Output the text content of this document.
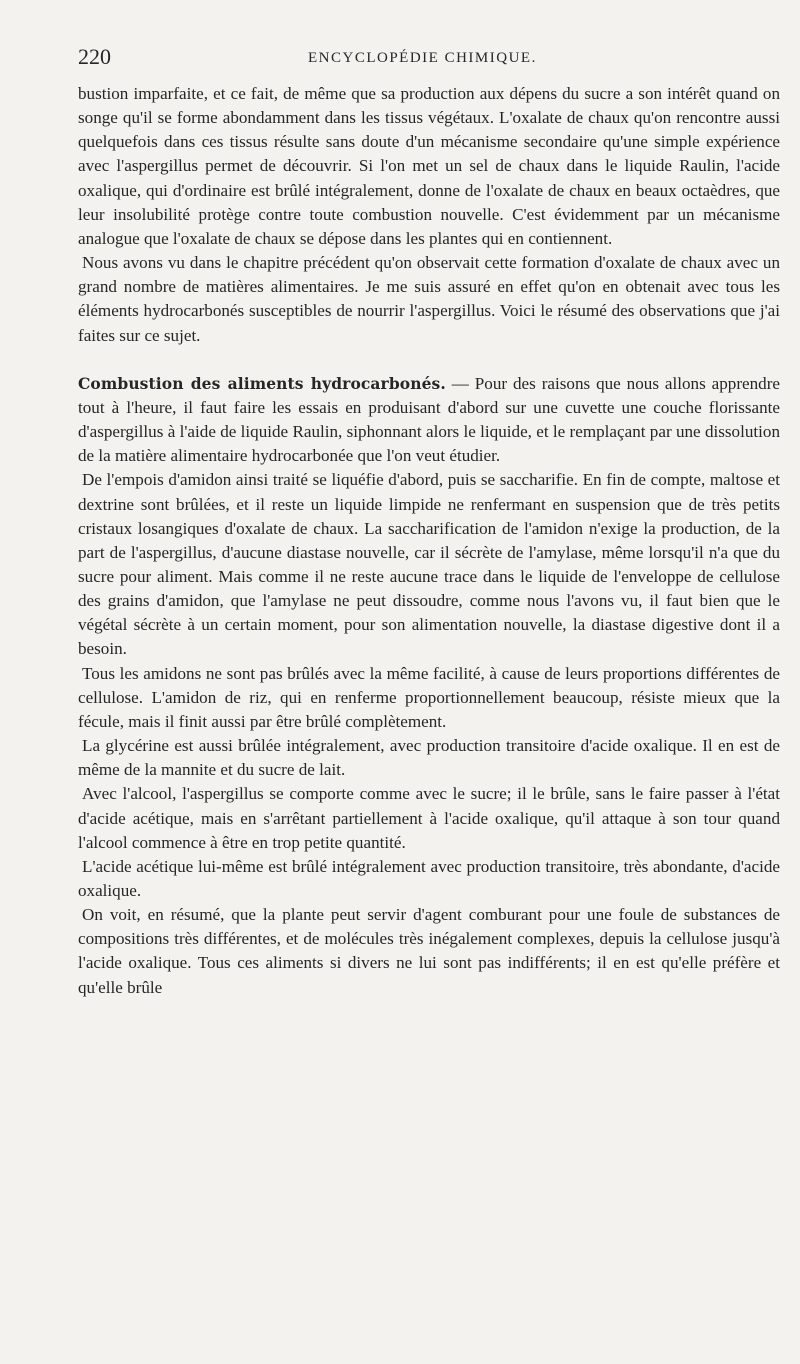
220	ENCYCLOPÉDIE CHIMIQUE.

bustion imparfaite, et ce fait, de même que sa production aux dépens du sucre a son intérêt quand on songe qu'il se forme abondamment dans les tissus végétaux. L'oxalate de chaux qu'on rencontre aussi quelquefois dans ces tissus résulte sans doute d'un mécanisme secondaire qu'une simple expérience avec l'aspergillus permet de découvrir. Si l'on met un sel de chaux dans le liquide Raulin, l'acide oxalique, qui d'ordinaire est brûlé intégralement, donne de l'oxalate de chaux en beaux octaèdres, que leur insolubilité protège contre toute combustion nouvelle. C'est évidemment par un mécanisme analogue que l'oxalate de chaux se dépose dans les plantes qui en contiennent.

Nous avons vu dans le chapitre précédent qu'on observait cette formation d'oxalate de chaux avec un grand nombre de matières alimentaires. Je me suis assuré en effet qu'on en obtenait avec tous les éléments hydrocarbonés susceptibles de nourrir l'aspergillus. Voici le résumé des observations que j'ai faites sur ce sujet.

Combustion des aliments hydrocarbonés. — Pour des raisons que nous allons apprendre tout à l'heure, il faut faire les essais en produisant d'abord sur une cuvette une couche florissante d'aspergillus à l'aide de liquide Raulin, siphonnant alors le liquide, et le remplaçant par une dissolution de la matière alimentaire hydrocarbonée que l'on veut étudier.

De l'empois d'amidon ainsi traité se liquéfie d'abord, puis se saccharifie. En fin de compte, maltose et dextrine sont brûlées, et il reste un liquide limpide ne renfermant en suspension que de très petits cristaux losangiques d'oxalate de chaux. La saccharification de l'amidon n'exige la production, de la part de l'aspergillus, d'aucune diastase nouvelle, car il sécrète de l'amylase, même lorsqu'il n'a que du sucre pour aliment. Mais comme il ne reste aucune trace dans le liquide de l'enveloppe de cellulose des grains d'amidon, que l'amylase ne peut dissoudre, comme nous l'avons vu, il faut bien que le végétal sécrète à un certain moment, pour son alimentation nouvelle, la diastase digestive dont il a besoin.

Tous les amidons ne sont pas brûlés avec la même facilité, à cause de leurs proportions différentes de cellulose. L'amidon de riz, qui en renferme proportionnellement beaucoup, résiste mieux que la fécule, mais il finit aussi par être brûlé complètement.

La glycérine est aussi brûlée intégralement, avec production transitoire d'acide oxalique. Il en est de même de la mannite et du sucre de lait.

Avec l'alcool, l'aspergillus se comporte comme avec le sucre; il le brûle, sans le faire passer à l'état d'acide acétique, mais en s'arrêtant partiellement à l'acide oxalique, qu'il attaque à son tour quand l'alcool commence à être en trop petite quantité.

L'acide acétique lui-même est brûlé intégralement avec production transitoire, très abondante, d'acide oxalique.

On voit, en résumé, que la plante peut servir d'agent comburant pour une foule de substances de compositions très différentes, et de molécules très inégalement complexes, depuis la cellulose jusqu'à l'acide oxalique. Tous ces aliments si divers ne lui sont pas indifférents; il en est qu'elle préfère et qu'elle brûle
